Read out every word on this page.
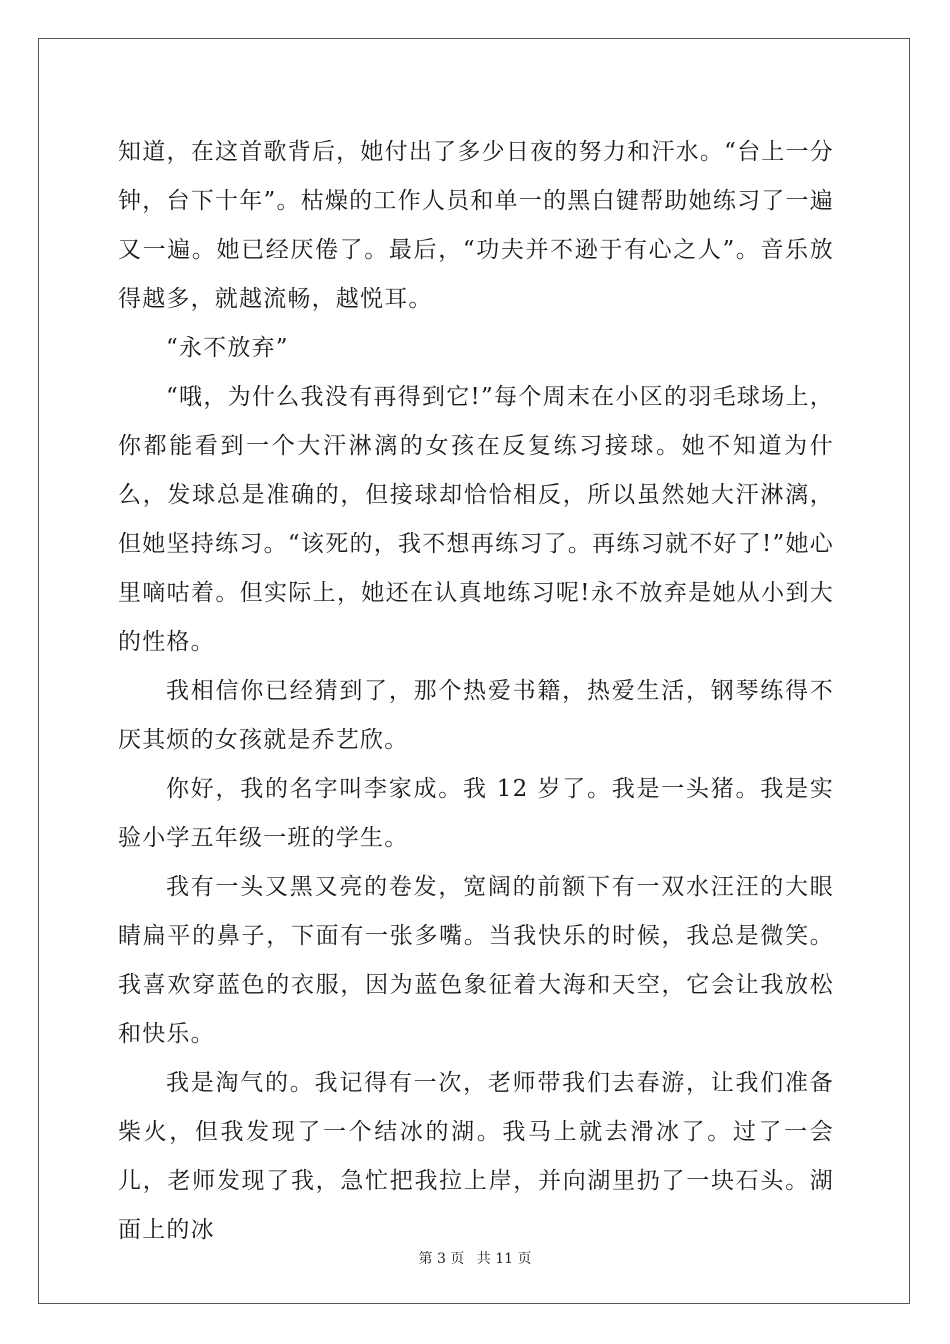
知道，在这首歌背后，她付出了多少日夜的努力和汗水。“台上一分钟，台下十年”。枯燥的工作人员和单一的黑白键帮助她练习了一遍又一遍。她已经厌倦了。最后，“功夫并不逊于有心之人”。音乐放得越多，就越流畅，越悦耳。

“永不放弃”

“哦，为什么我没有再得到它!”每个周末在小区的羽毛球场上，你都能看到一个大汗淋漓的女孩在反复练习接球。她不知道为什么，发球总是准确的，但接球却恰恰相反，所以虽然她大汗淋漓，但她坚持练习。“该死的，我不想再练习了。再练习就不好了!”她心里嘀咕着。但实际上，她还在认真地练习呢!永不放弃是她从小到大的性格。

我相信你已经猜到了，那个热爱书籍，热爱生活，钢琴练得不厌其烦的女孩就是乔艺欣。

你好，我的名字叫李家成。我 12 岁了。我是一头猪。我是实验小学五年级一班的学生。

我有一头又黑又亮的卷发，宽阔的前额下有一双水汪汪的大眼睛扁平的鼻子，下面有一张多嘴。当我快乐的时候，我总是微笑。我喜欢穿蓝色的衣服，因为蓝色象征着大海和天空，它会让我放松和快乐。

我是淘气的。我记得有一次，老师带我们去春游，让我们准备柴火，但我发现了一个结冰的湖。我马上就去滑冰了。过了一会儿，老师发现了我，急忙把我拉上岸，并向湖里扔了一块石头。湖面上的冰

第 3 页 共 11 页
